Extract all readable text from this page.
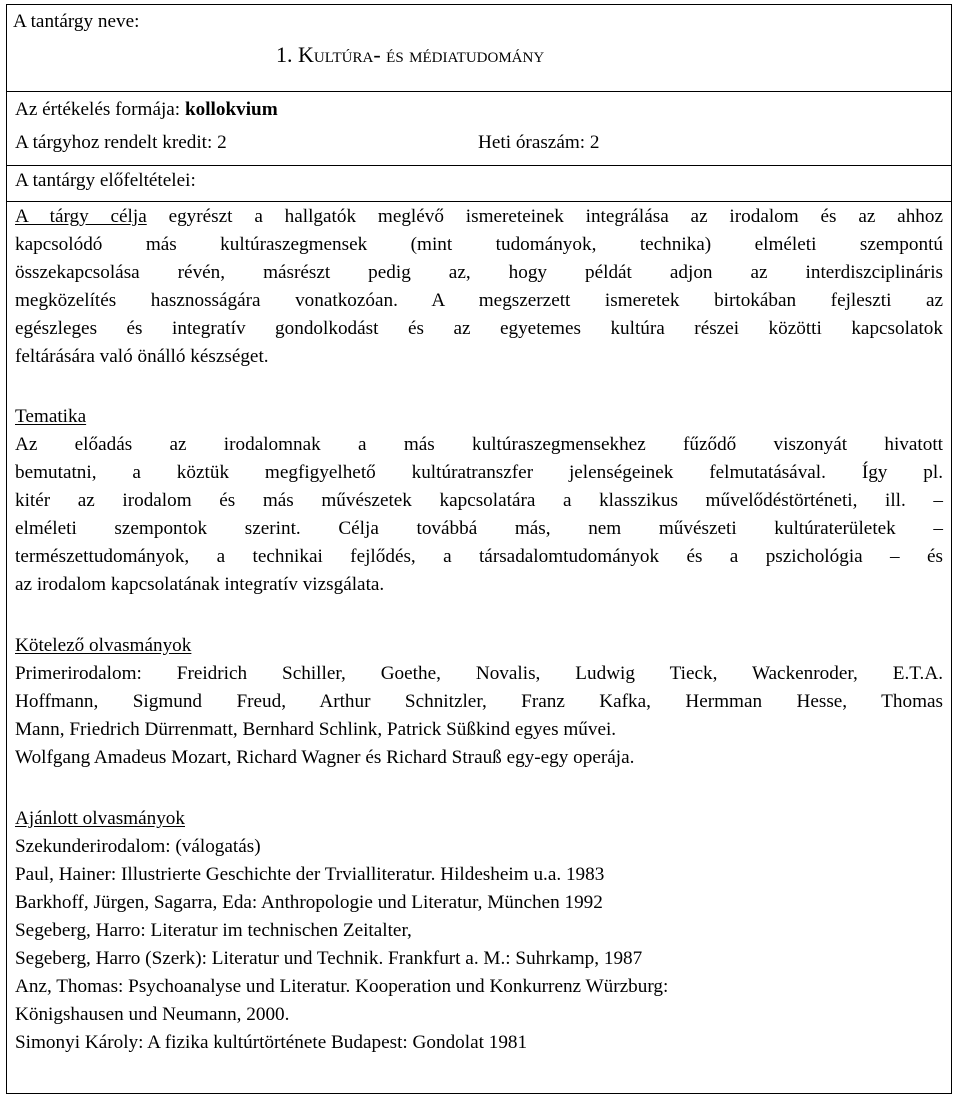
A tantárgy neve:
1. Kultúra- és médiatudomány
Az értékelés formája: kollokvium
A tárgyhoz rendelt kredit: 2	Heti óraszám: 2
A tantárgy előfeltételei:
A tárgy célja egyrészt a hallgatók meglévő ismereteinek integrálása az irodalom és az ahhoz
kapcsolódó más kultúraszegmensek (mint tudományok, technika) elméleti szempontú
összekapcsolása révén, másrészt pedig az, hogy példát adjon az interdiszciplináris
megközelítés hasznosságára vonatkozóan. A megszerzett ismeretek birtokában fejleszti az
egészleges és integratív gondolkodást és az egyetemes kultúra részei közötti kapcsolatok
feltárására való önálló készséget.
Tematika
Az előadás az irodalomnak a más kultúraszegmensekhez fűződő viszonyát hivatott
bemutatni, a köztük megfigyelhető kultúratranszfer jelenségeinek felmutatásával. Így pl.
kitér az irodalom és más művészetek kapcsolatára a klasszikus művelődéstörténeti, ill. –
elméleti szempontok szerint. Célja továbbá más, nem művészeti kultúraterületek –
természettudományok, a technikai fejlődés, a társadalomtudományok és a pszichológia – és
az irodalom kapcsolatának integratív vizsgálata.
Kötelező olvasmányok
Primerirodalom: Freidrich Schiller, Goethe, Novalis, Ludwig Tieck, Wackenroder, E.T.A.
Hoffmann, Sigmund Freud, Arthur Schnitzler, Franz Kafka, Hermman Hesse, Thomas
Mann, Friedrich Dürrenmatt, Bernhard Schlink, Patrick Süßkind egyes művei.
Wolfgang Amadeus Mozart, Richard Wagner és Richard Strauß egy-egy operája.
Ajánlott olvasmányok
Szekunderirodalom: (válogatás)
Paul, Hainer: Illustrierte Geschichte der Trvialliteratur. Hildesheim u.a. 1983
Barkhoff, Jürgen, Sagarra, Eda: Anthropologie und Literatur, München 1992
Segeberg, Harro: Literatur im technischen Zeitalter,
Segeberg, Harro (Szerk): Literatur und Technik. Frankfurt a. M.: Suhrkamp, 1987
Anz, Thomas: Psychoanalyse und Literatur. Kooperation und Konkurrenz Würzburg:
Königshausen und Neumann, 2000.
Simonyi Károly: A fizika kultúrtörténete Budapest: Gondolat 1981
